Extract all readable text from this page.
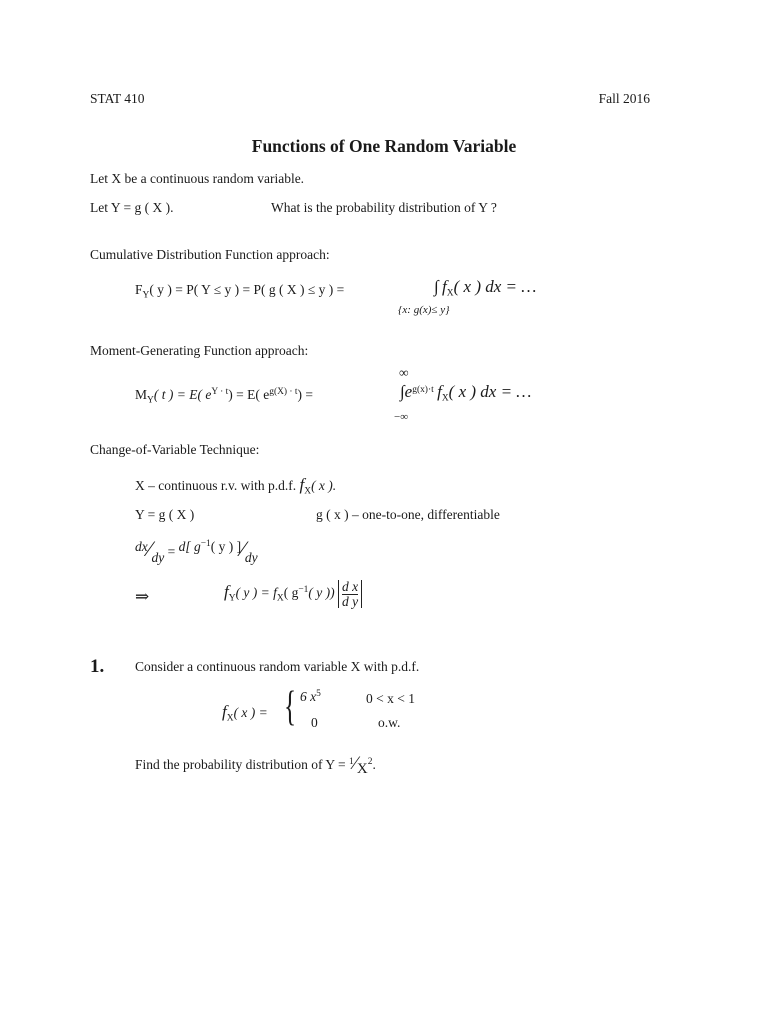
STAT 410	Fall 2016
Functions of One Random Variable
Let X be a continuous random variable.
Let Y = g ( X ).	What is the probability distribution of Y ?
Cumulative Distribution Function approach:
$F_Y$( y ) = P( Y ≤ y ) = P( g ( X ) ≤ y ) =	∫ $f_X$( x ) dx = …
{x: g(x)≤ y}
Moment-Generating Function approach:
$M_Y$( t ) = E( $e^{Y \cdot t}) = E$( $e^{g(X) \cdot t}$) =
∞
−∞
$\int e^{g(x)\cdot t}$ $f_X$( x ) dx = …
Change-of-Variable Technique:
X – continuous r.v. with p.d.f. $f_X$( x ).
Y = g ( X )	g ( x ) – one-to-one, differentiable
dx⁄dy = d[ $g^{-1}$( y ) ]⁄dy
⇒	$f_Y$( y ) = $f_X$( $g^{-1}$( y )) $\frac{\text{d x}}{\text{d y}}$
1. Consider a continuous random variable X with p.d.f.
$f_X$( x ) = { 6 $x^5$	0 < x < 1
0	o.w.
Find the probability distribution of $Y = ^1⁄X^2$.
